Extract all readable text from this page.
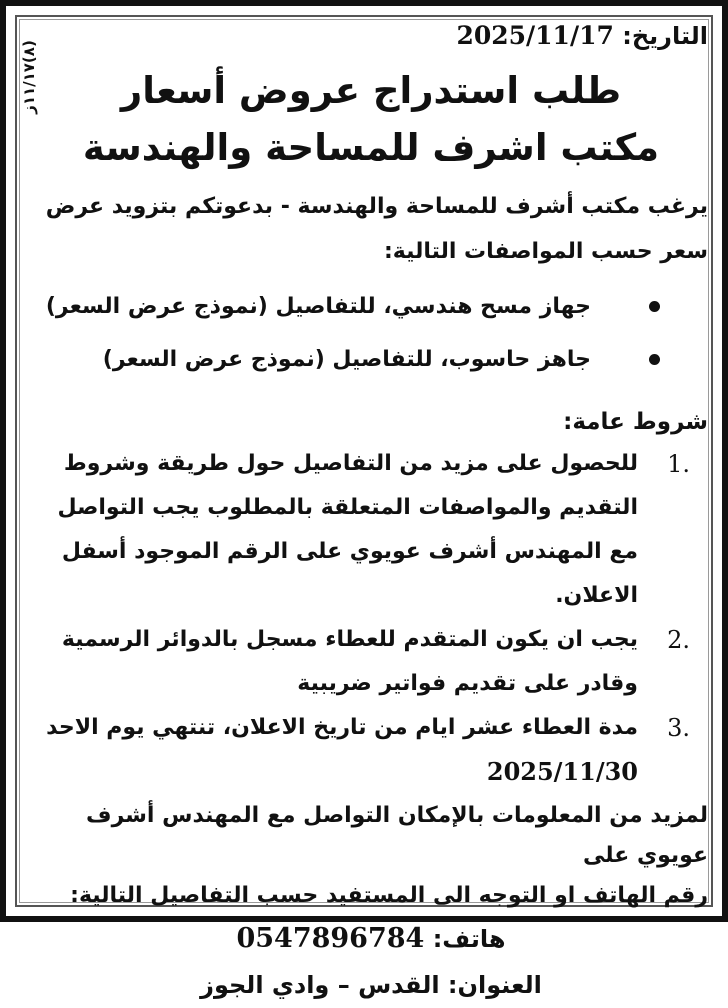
(٨)١١/١٧ز	التاريخ: 2025/11/17
طلب استدراج عروض أسعار
مكتب اشرف للمساحة والهندسة
يرغب مكتب أشرف للمساحة والهندسة - بدعوتكم بتزويد عرض
سعر حسب المواصفات التالية:
جهاز مسح هندسي، للتفاصيل (نموذج عرض السعر)
جاهز حاسوب، للتفاصيل (نموذج عرض السعر)
شروط عامة:
1.
للحصول على مزيد من التفاصيل حول طريقة وشروط التقديم والمواصفات المتعلقة بالمطلوب يجب التواصل مع المهندس أشرف عويوي على الرقم الموجود أسفل الاعلان.
2.
يجب ان يكون المتقدم للعطاء مسجل بالدوائر الرسمية وقادر على تقديم فواتير ضريبية
3.
مدة العطاء عشر ايام من تاريخ الاعلان، تنتهي يوم الاحد
2025/11/30
لمزيد من المعلومات بالإمكان التواصل مع المهندس أشرف عويوي على
رقم الهاتف او التوجه الى المستفيد حسب التفاصيل التالية:
هاتف: 0547896784
العنوان: القدس – وادي الجوز
